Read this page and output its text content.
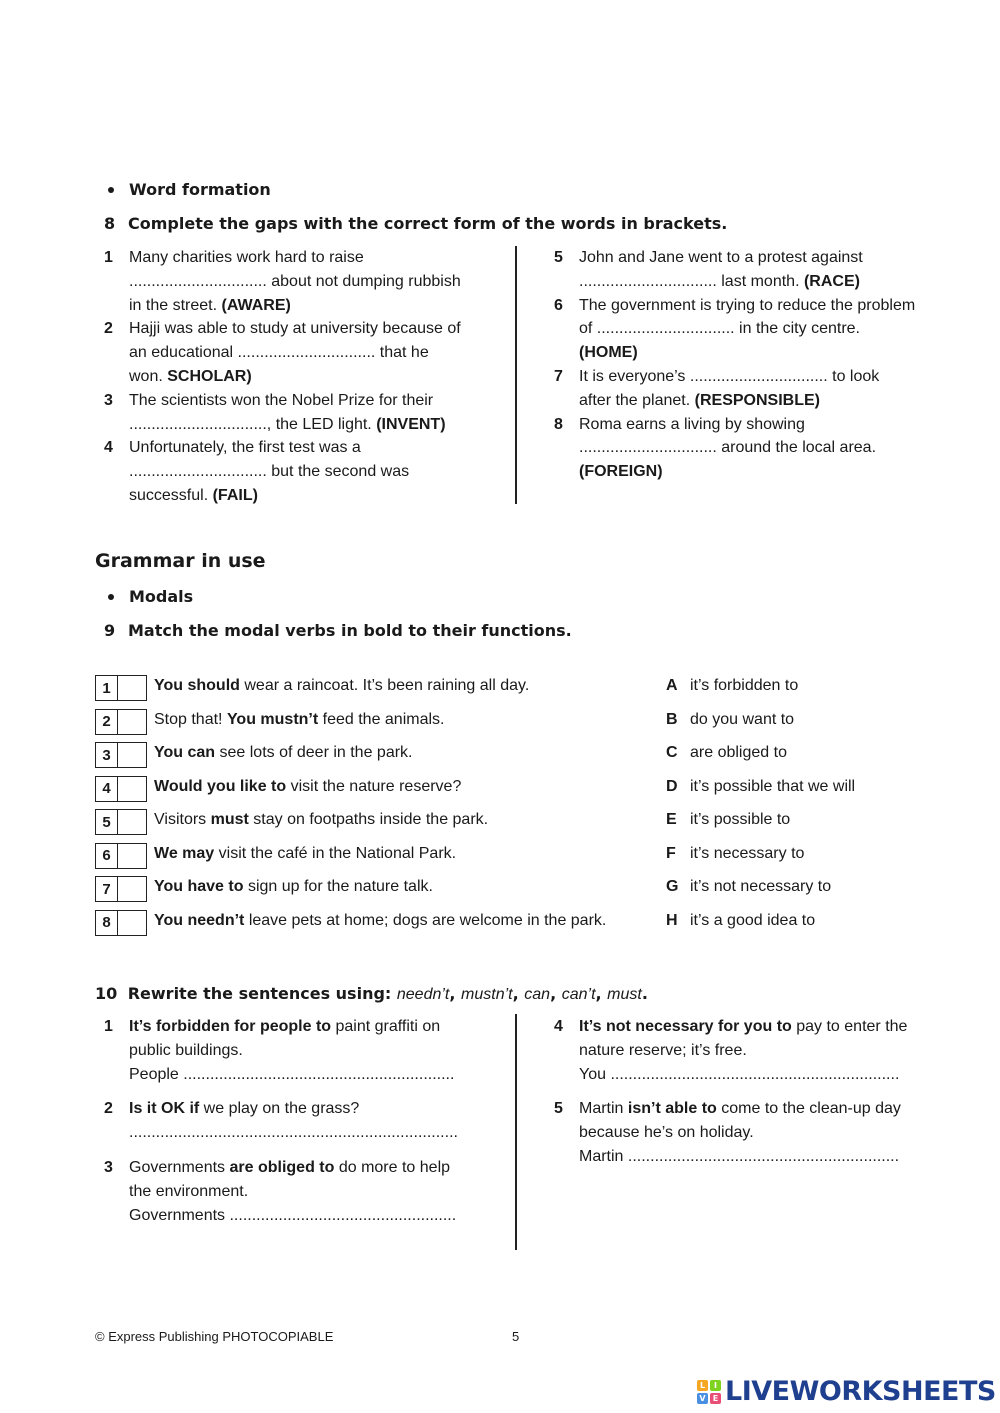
Word formation
8 Complete the gaps with the correct form of the words in brackets.
1 Many charities work hard to raise
............................... about not dumping rubbish
in the street. (AWARE)
2 Hajji was able to study at university because of
an educational ............................... that he
won. SCHOLAR)
3 The scientists won the Nobel Prize for their
..............................., the LED light. (INVENT)
4 Unfortunately, the first test was a
............................... but the second was
successful. (FAIL)
5 John and Jane went to a protest against
............................... last month. (RACE)
6 The government is trying to reduce the problem
of ............................... in the city centre.
(HOME)
7 It is everyone’s ............................... to look
after the planet. (RESPONSIBLE)
8 Roma earns a living by showing
............................... around the local area.
(FOREIGN)
Grammar in use
Modals
9 Match the modal verbs in bold to their functions.
1	You should wear a raincoat. It’s been raining all day.	A it’s forbidden to
2	Stop that! You mustn’t feed the animals.	B do you want to
3	You can see lots of deer in the park.	C are obliged to
4	Would you like to visit the nature reserve?	D it’s possible that we will
5	Visitors must stay on footpaths inside the park.	E it’s possible to
6	We may visit the café in the National Park.	F it’s necessary to
7	You have to sign up for the nature talk.	G it’s not necessary to
8	You needn’t leave pets at home; dogs are welcome in the park.	H it’s a good idea to
10 Rewrite the sentences using: needn’t, mustn’t, can, can’t, must.
1 It’s forbidden for people to paint graffiti on
public buildings.
People .............................................................
2 Is it OK if we play on the grass?
..........................................................................
3 Governments are obliged to do more to help
the environment.
Governments ...................................................
4 It’s not necessary for you to pay to enter the
nature reserve; it’s free.
You .................................................................
5 Martin isn’t able to come to the clean-up day
because he’s on holiday.
Martin .............................................................
© Express Publishing PHOTOCOPIABLE	5
L	I
V E LIVEWORKSHEETS
